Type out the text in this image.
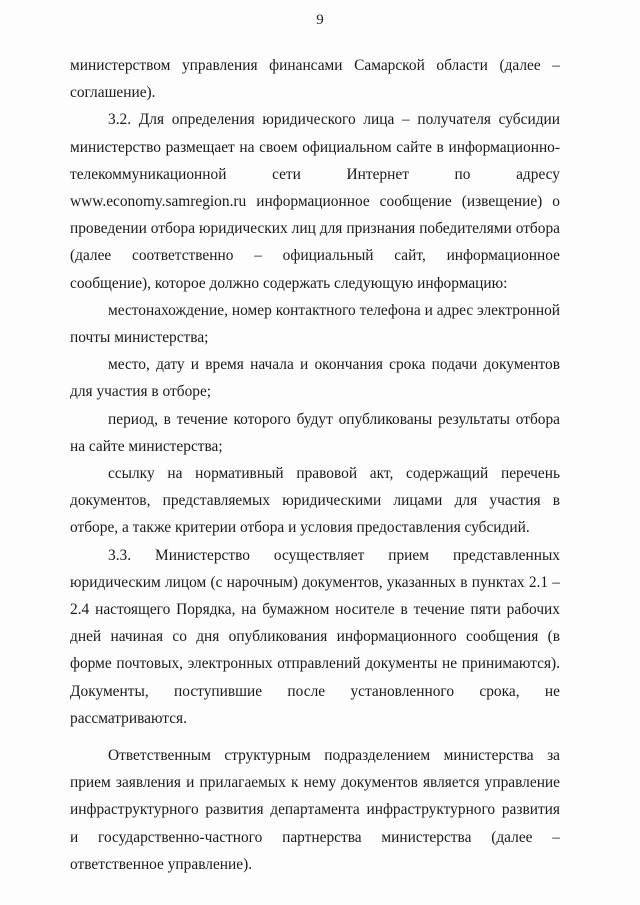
9

министерством управления финансами Самарской области (далее – соглашение).

3.2. Для определения юридического лица – получателя субсидии министерство размещает на своем официальном сайте в информационно-телекоммуникационной сети Интернет по адресу www.economy.samregion.ru информационное сообщение (извещение) о проведении отбора юридических лиц для признания победителями отбора (далее соответственно – официальный сайт, информационное сообщение), которое должно содержать следующую информацию:

местонахождение, номер контактного телефона и адрес электронной почты министерства;

место, дату и время начала и окончания срока подачи документов для участия в отборе;

период, в течение которого будут опубликованы результаты отбора на сайте министерства;

ссылку на нормативный правовой акт, содержащий перечень документов, представляемых юридическими лицами для участия в отборе, а также критерии отбора и условия предоставления субсидий.

3.3. Министерство осуществляет прием представленных юридическим лицом (с нарочным) документов, указанных в пунктах 2.1 – 2.4 настоящего Порядка, на бумажном носителе в течение пяти рабочих дней начиная со дня опубликования информационного сообщения (в форме почтовых, электронных отправлений документы не принимаются). Документы, поступившие после установленного срока, не рассматриваются.

Ответственным структурным подразделением министерства за прием заявления и прилагаемых к нему документов является управление инфраструктурного развития департамента инфраструктурного развития и государственно-частного партнерства министерства (далее – ответственное управление).
